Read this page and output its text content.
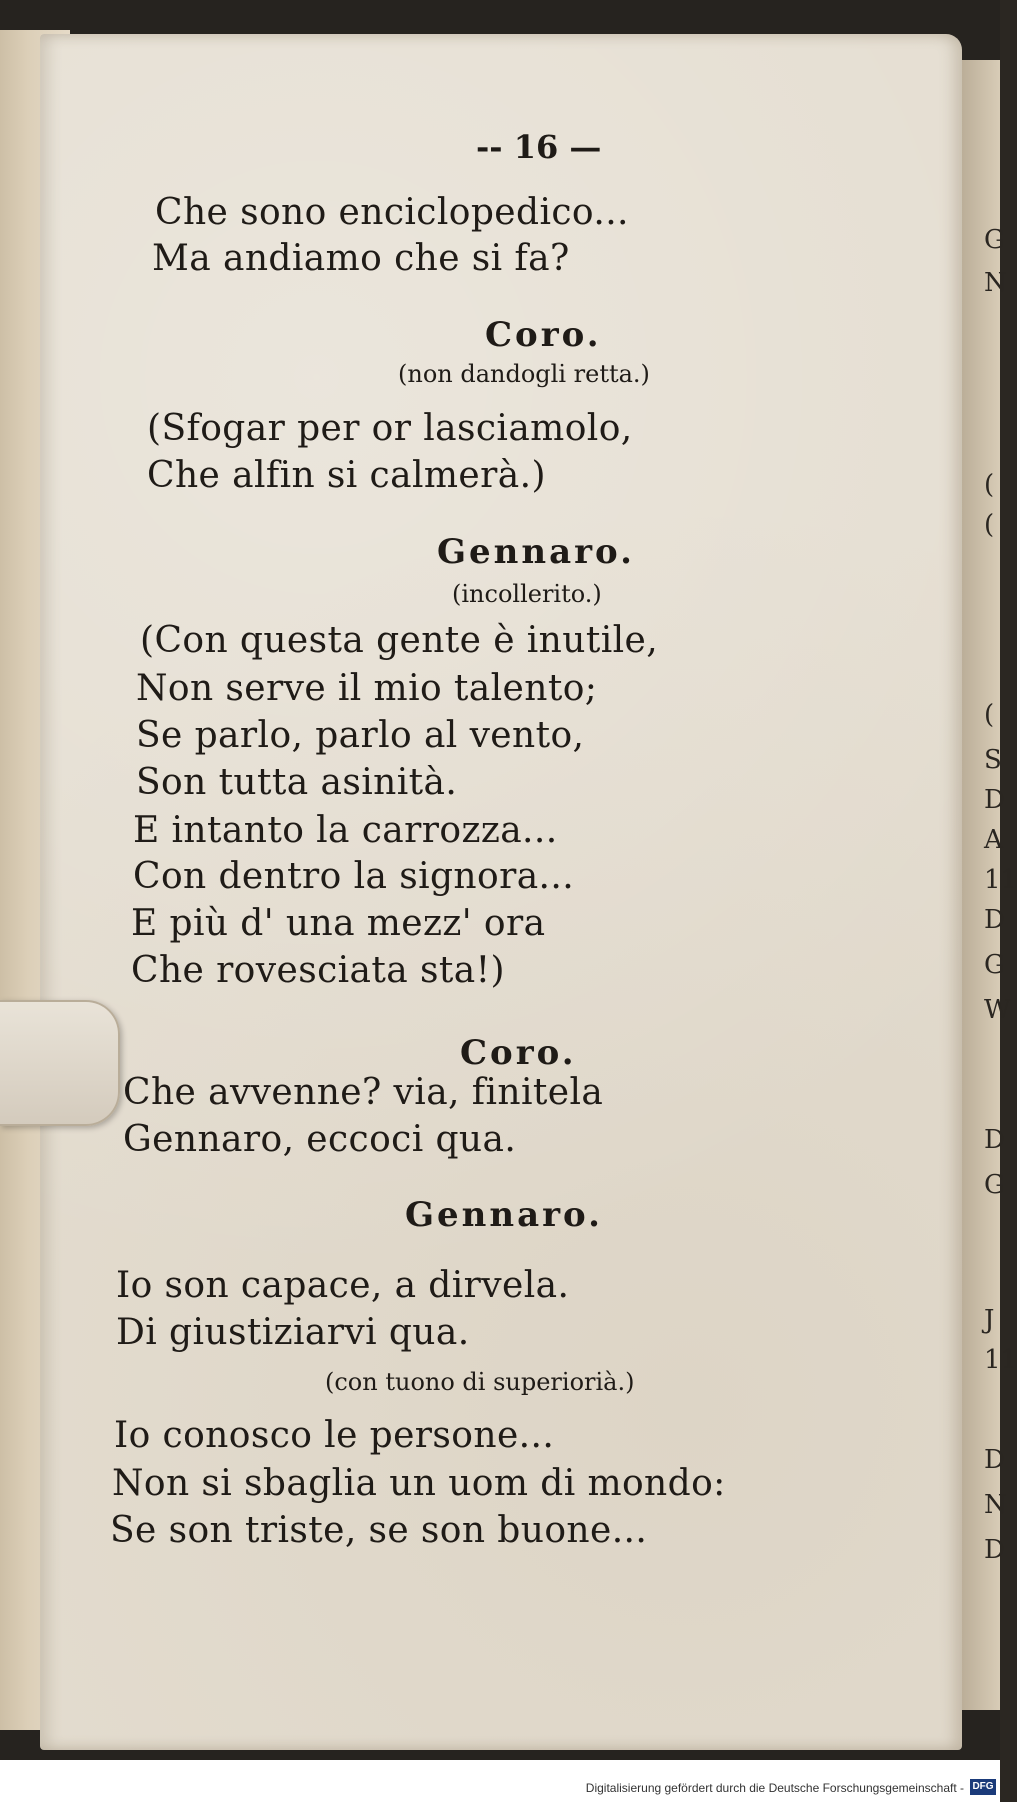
-- 16 —
Che sono enciclopedico...
Ma andiamo che si fa?
Coro.
(non dandogli retta.)
(Sfogar per or lasciamolo,
Che alfin si calmerà.)
Gennaro.
(incollerito.)
(Con questa gente è inutile,
Non serve il mio talento;
Se parlo, parlo al vento,
Son tutta asinità.
E intanto la carrozza...
Con dentro la signora...
E più d' una mezz' ora
Che rovesciata sta!)
Coro.
Che avvenne? via, finitela
Gennaro, eccoci qua.
Gennaro.
Io son capace, a dirvela.
Di giustiziarvi qua.
(con tuono di superiorià.)
Io conosco le persone...
Non si sbaglia un uom di mondo:
Se son triste, se son buone...
G
N
(
(
(
S
D
A
11
D
G
W
D
G
J
11
D
N
D
Digitalisierung gefördert durch die Deutsche Forschungsgemeinschaft - DFG
